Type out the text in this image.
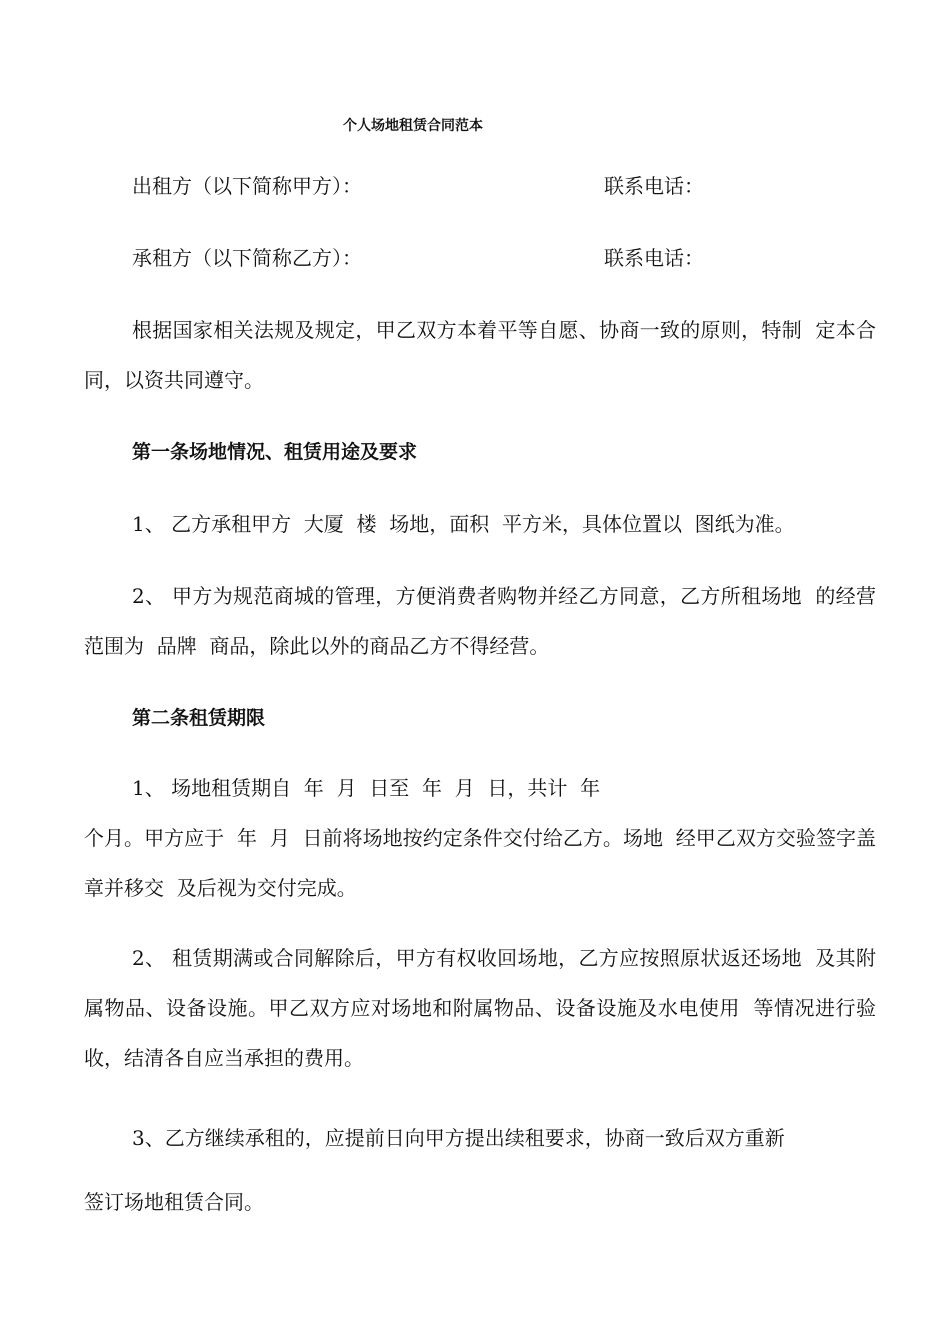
个人场地租赁合同范本
出租方（以下简称甲方）：	联系电话：
承租方（以下简称乙方）：	联系电话：
根据国家相关法规及规定，甲乙双方本着平等自愿、协商一致的原则，特制  定本合
同，以资共同遵守。
第一条场地情况、租赁用途及要求
1、 乙方承租甲方  大厦  楼  场地，面积  平方米，具体位置以  图纸为准。
2、 甲方为规范商城的管理，方便消费者购物并经乙方同意，乙方所租场地  的经营
范围为  品牌  商品，除此以外的商品乙方不得经营。
第二条租赁期限
1、 场地租赁期自  年  月  日至  年  月  日，共计  年
个月。甲方应于  年  月  日前将场地按约定条件交付给乙方。场地  经甲乙双方交验签字盖
章并移交  及后视为交付完成。
2、 租赁期满或合同解除后，甲方有权收回场地，乙方应按照原状返还场地  及其附
属物品、设备设施。甲乙双方应对场地和附属物品、设备设施及水电使用  等情况进行验
收，结清各自应当承担的费用。
3、乙方继续承租的，应提前日向甲方提出续租要求，协商一致后双方重新
签订场地租赁合同。
